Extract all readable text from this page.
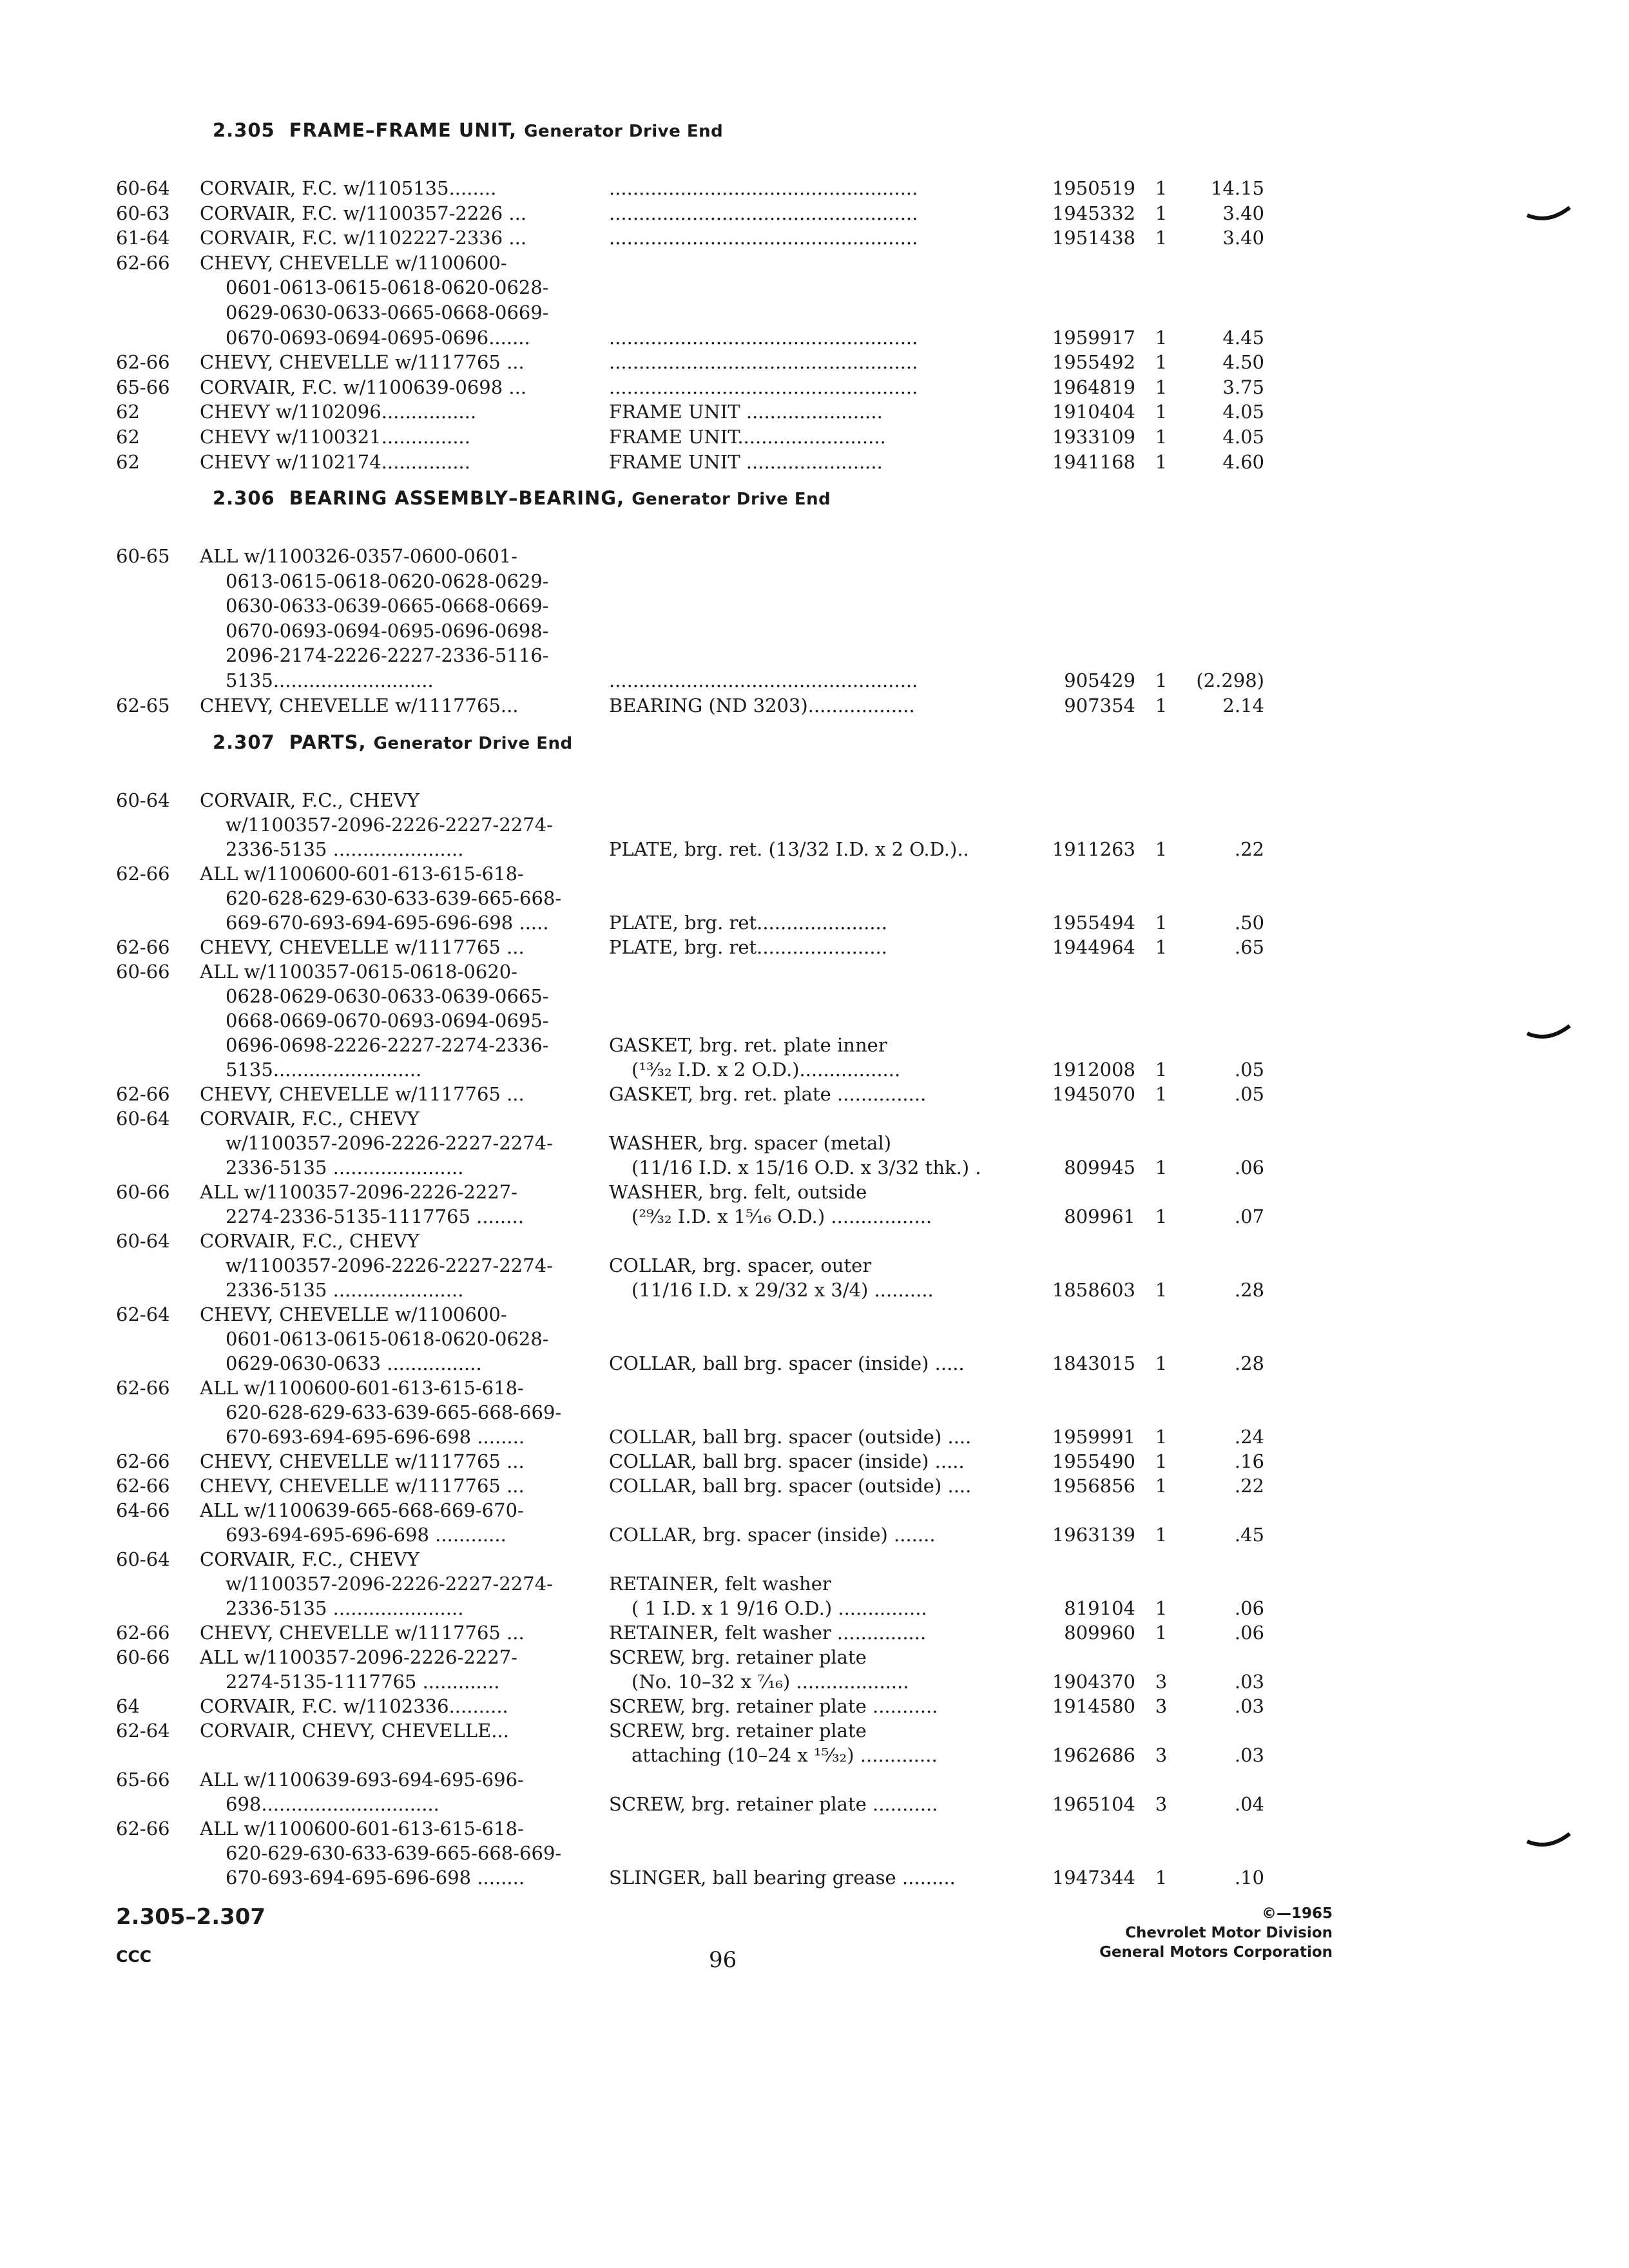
2.305 FRAME–FRAME UNIT, Generator Drive End
60-64	CORVAIR, F.C. w/1105135........	....................................................	1950519	1	14.15
60-63	CORVAIR, F.C. w/1100357-2226 ...	....................................................	1945332	1	3.40
61-64	CORVAIR, F.C. w/1102227-2336 ...	....................................................	1951438	1	3.40
62-66	CHEVY, CHEVELLE w/1100600-
0601-0613-0615-0618-0620-0628-
0629-0630-0633-0665-0668-0669-
0670-0693-0694-0695-0696.......	....................................................	1959917	1	4.45
62-66	CHEVY, CHEVELLE w/1117765 ...	....................................................	1955492	1	4.50
65-66	CORVAIR, F.C. w/1100639-0698 ...	....................................................	1964819	1	3.75
62	CHEVY w/1102096................	FRAME UNIT .......................	1910404	1	4.05
62	CHEVY w/1100321...............	FRAME UNIT.........................	1933109	1	4.05
62	CHEVY w/1102174...............	FRAME UNIT .......................	1941168	1	4.60
2.306 BEARING ASSEMBLY–BEARING, Generator Drive End
60-65	ALL w/1100326-0357-0600-0601-
0613-0615-0618-0620-0628-0629-
0630-0633-0639-0665-0668-0669-
0670-0693-0694-0695-0696-0698-
2096-2174-2226-2227-2336-5116-
5135...........................	....................................................	905429	1	(2.298)
62-65	CHEVY, CHEVELLE w/1117765...	BEARING (ND 3203)..................	907354	1	2.14
2.307 PARTS, Generator Drive End
60-64	CORVAIR, F.C., CHEVY
w/1100357-2096-2226-2227-2274-
2336-5135 ......................	PLATE, brg. ret. (13/32 I.D. x 2 O.D.)..	1911263	1	.22
62-66	ALL w/1100600-601-613-615-618-
620-628-629-630-633-639-665-668-
669-670-693-694-695-696-698 .....	PLATE, brg. ret......................	1955494	1	.50
62-66	CHEVY, CHEVELLE w/1117765 ...	PLATE, brg. ret......................	1944964	1	.65
60-66	ALL w/1100357-0615-0618-0620-
0628-0629-0630-0633-0639-0665-
0668-0669-0670-0693-0694-0695-
0696-0698-2226-2227-2274-2336-	GASKET, brg. ret. plate inner
5135.........................	(¹³⁄₃₂ I.D. x 2 O.D.).................	1912008	1	.05
62-66	CHEVY, CHEVELLE w/1117765 ...	GASKET, brg. ret. plate ...............	1945070	1	.05
60-64	CORVAIR, F.C., CHEVY
w/1100357-2096-2226-2227-2274-	WASHER, brg. spacer (metal)
2336-5135 ......................	(11/16 I.D. x 15/16 O.D. x 3/32 thk.) .	809945	1	.06
60-66	ALL w/1100357-2096-2226-2227-	WASHER, brg. felt, outside
2274-2336-5135-1117765 ........	(²⁹⁄₃₂ I.D. x 1⁵⁄₁₆ O.D.) .................	809961	1	.07
60-64	CORVAIR, F.C., CHEVY
w/1100357-2096-2226-2227-2274-	COLLAR, brg. spacer, outer
2336-5135 ......................	(11/16 I.D. x 29/32 x 3/4) ..........	1858603	1	.28
62-64	CHEVY, CHEVELLE w/1100600-
0601-0613-0615-0618-0620-0628-
0629-0630-0633 ................	COLLAR, ball brg. spacer (inside) .....	1843015	1	.28
62-66	ALL w/1100600-601-613-615-618-
620-628-629-633-639-665-668-669-
670-693-694-695-696-698 ........	COLLAR, ball brg. spacer (outside) ....	1959991	1	.24
62-66	CHEVY, CHEVELLE w/1117765 ...	COLLAR, ball brg. spacer (inside) .....	1955490	1	.16
62-66	CHEVY, CHEVELLE w/1117765 ...	COLLAR, ball brg. spacer (outside) ....	1956856	1	.22
64-66	ALL w/1100639-665-668-669-670-
693-694-695-696-698 ............	COLLAR, brg. spacer (inside) .......	1963139	1	.45
60-64	CORVAIR, F.C., CHEVY
w/1100357-2096-2226-2227-2274-	RETAINER, felt washer
2336-5135 ......................	( 1 I.D. x 1 9/16 O.D.) ...............	819104	1	.06
62-66	CHEVY, CHEVELLE w/1117765 ...	RETAINER, felt washer ...............	809960	1	.06
60-66	ALL w/1100357-2096-2226-2227-	SCREW, brg. retainer plate
2274-5135-1117765 .............	(No. 10–32 x ⁷⁄₁₆) ...................	1904370	3	.03
64	CORVAIR, F.C. w/1102336..........	SCREW, brg. retainer plate ...........	1914580	3	.03
62-64	CORVAIR, CHEVY, CHEVELLE...	SCREW, brg. retainer plate
attaching (10–24 x ¹⁵⁄₃₂) .............	1962686	3	.03
65-66	ALL w/1100639-693-694-695-696-
698..............................	SCREW, brg. retainer plate ...........	1965104	3	.04
62-66	ALL w/1100600-601-613-615-618-
620-629-630-633-639-665-668-669-
670-693-694-695-696-698 ........	SLINGER, ball bearing grease .........	1947344	1	.10
2.305–2.307
CCC	96
©—1965
Chevrolet Motor Division
General Motors Corporation
